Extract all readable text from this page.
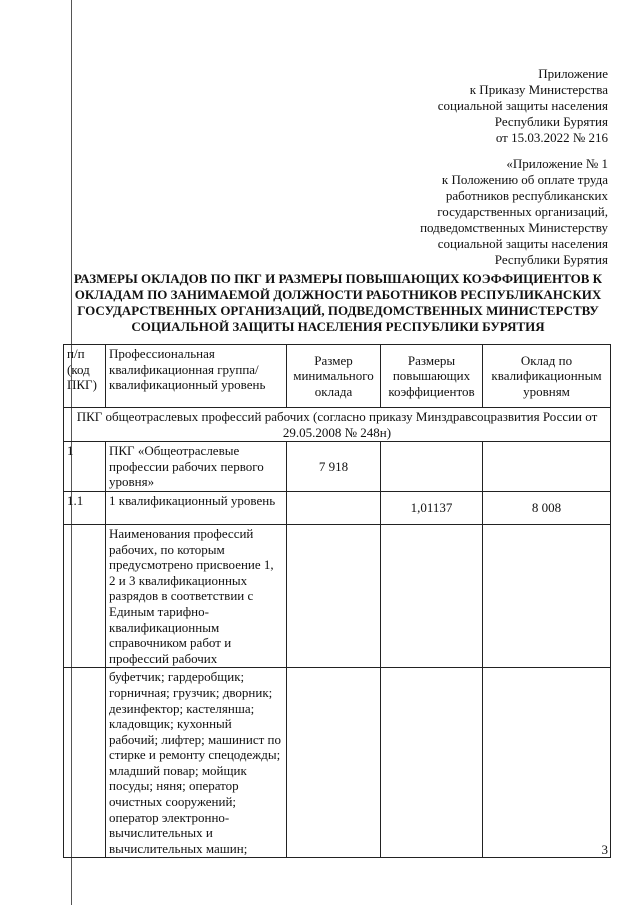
Приложение
к Приказу Министерства
социальной защиты населения
Республики Бурятия
от 15.03.2022 № 216
«Приложение № 1
к Положению об оплате труда
работников республиканских
государственных организаций,
подведомственных Министерству
социальной защиты населения
Республики Бурятия
РАЗМЕРЫ ОКЛАДОВ ПО ПКГ И РАЗМЕРЫ ПОВЫШАЮЩИХ КОЭФФИЦИЕНТОВ К
ОКЛАДАМ ПО ЗАНИМАЕМОЙ ДОЛЖНОСТИ РАБОТНИКОВ РЕСПУБЛИКАНСКИХ
ГОСУДАРСТВЕННЫХ ОРГАНИЗАЦИЙ, ПОДВЕДОМСТВЕННЫХ МИНИСТЕРСТВУ
СОЦИАЛЬНОЙ ЗАЩИТЫ НАСЕЛЕНИЯ РЕСПУБЛИКИ БУРЯТИЯ
п/п (код ПКГ)	Профессиональная квалификационная группа/квалификационный уровень	Размер минимального оклада	Размеры повышающих коэффициентов	Оклад по квалификационным уровням
ПКГ общеотраслевых профессий рабочих (согласно приказу Минздравсоцразвития России от 29.05.2008 № 248н)				
1	ПКГ «Общеотраслевые профессии рабочих первого уровня»	7 918		
1.1	1 квалификационный уровень		1,01137	8 008
	Наименования профессий рабочих, по которым предусмотрено присвоение 1, 2 и 3 квалификационных разрядов в соответствии с Единым тарифно-квалификационным справочником работ и профессий рабочих			
	буфетчик; гардеробщик; горничная; грузчик; дворник; дезинфектор; кастелянша; кладовщик; кухонный рабочий; лифтер; машинист по стирке и ремонту спецодежды; младший повар; мойщик посуды; няня; оператор очистных сооружений; оператор электронно-вычислительных и вычислительных машин;				3
